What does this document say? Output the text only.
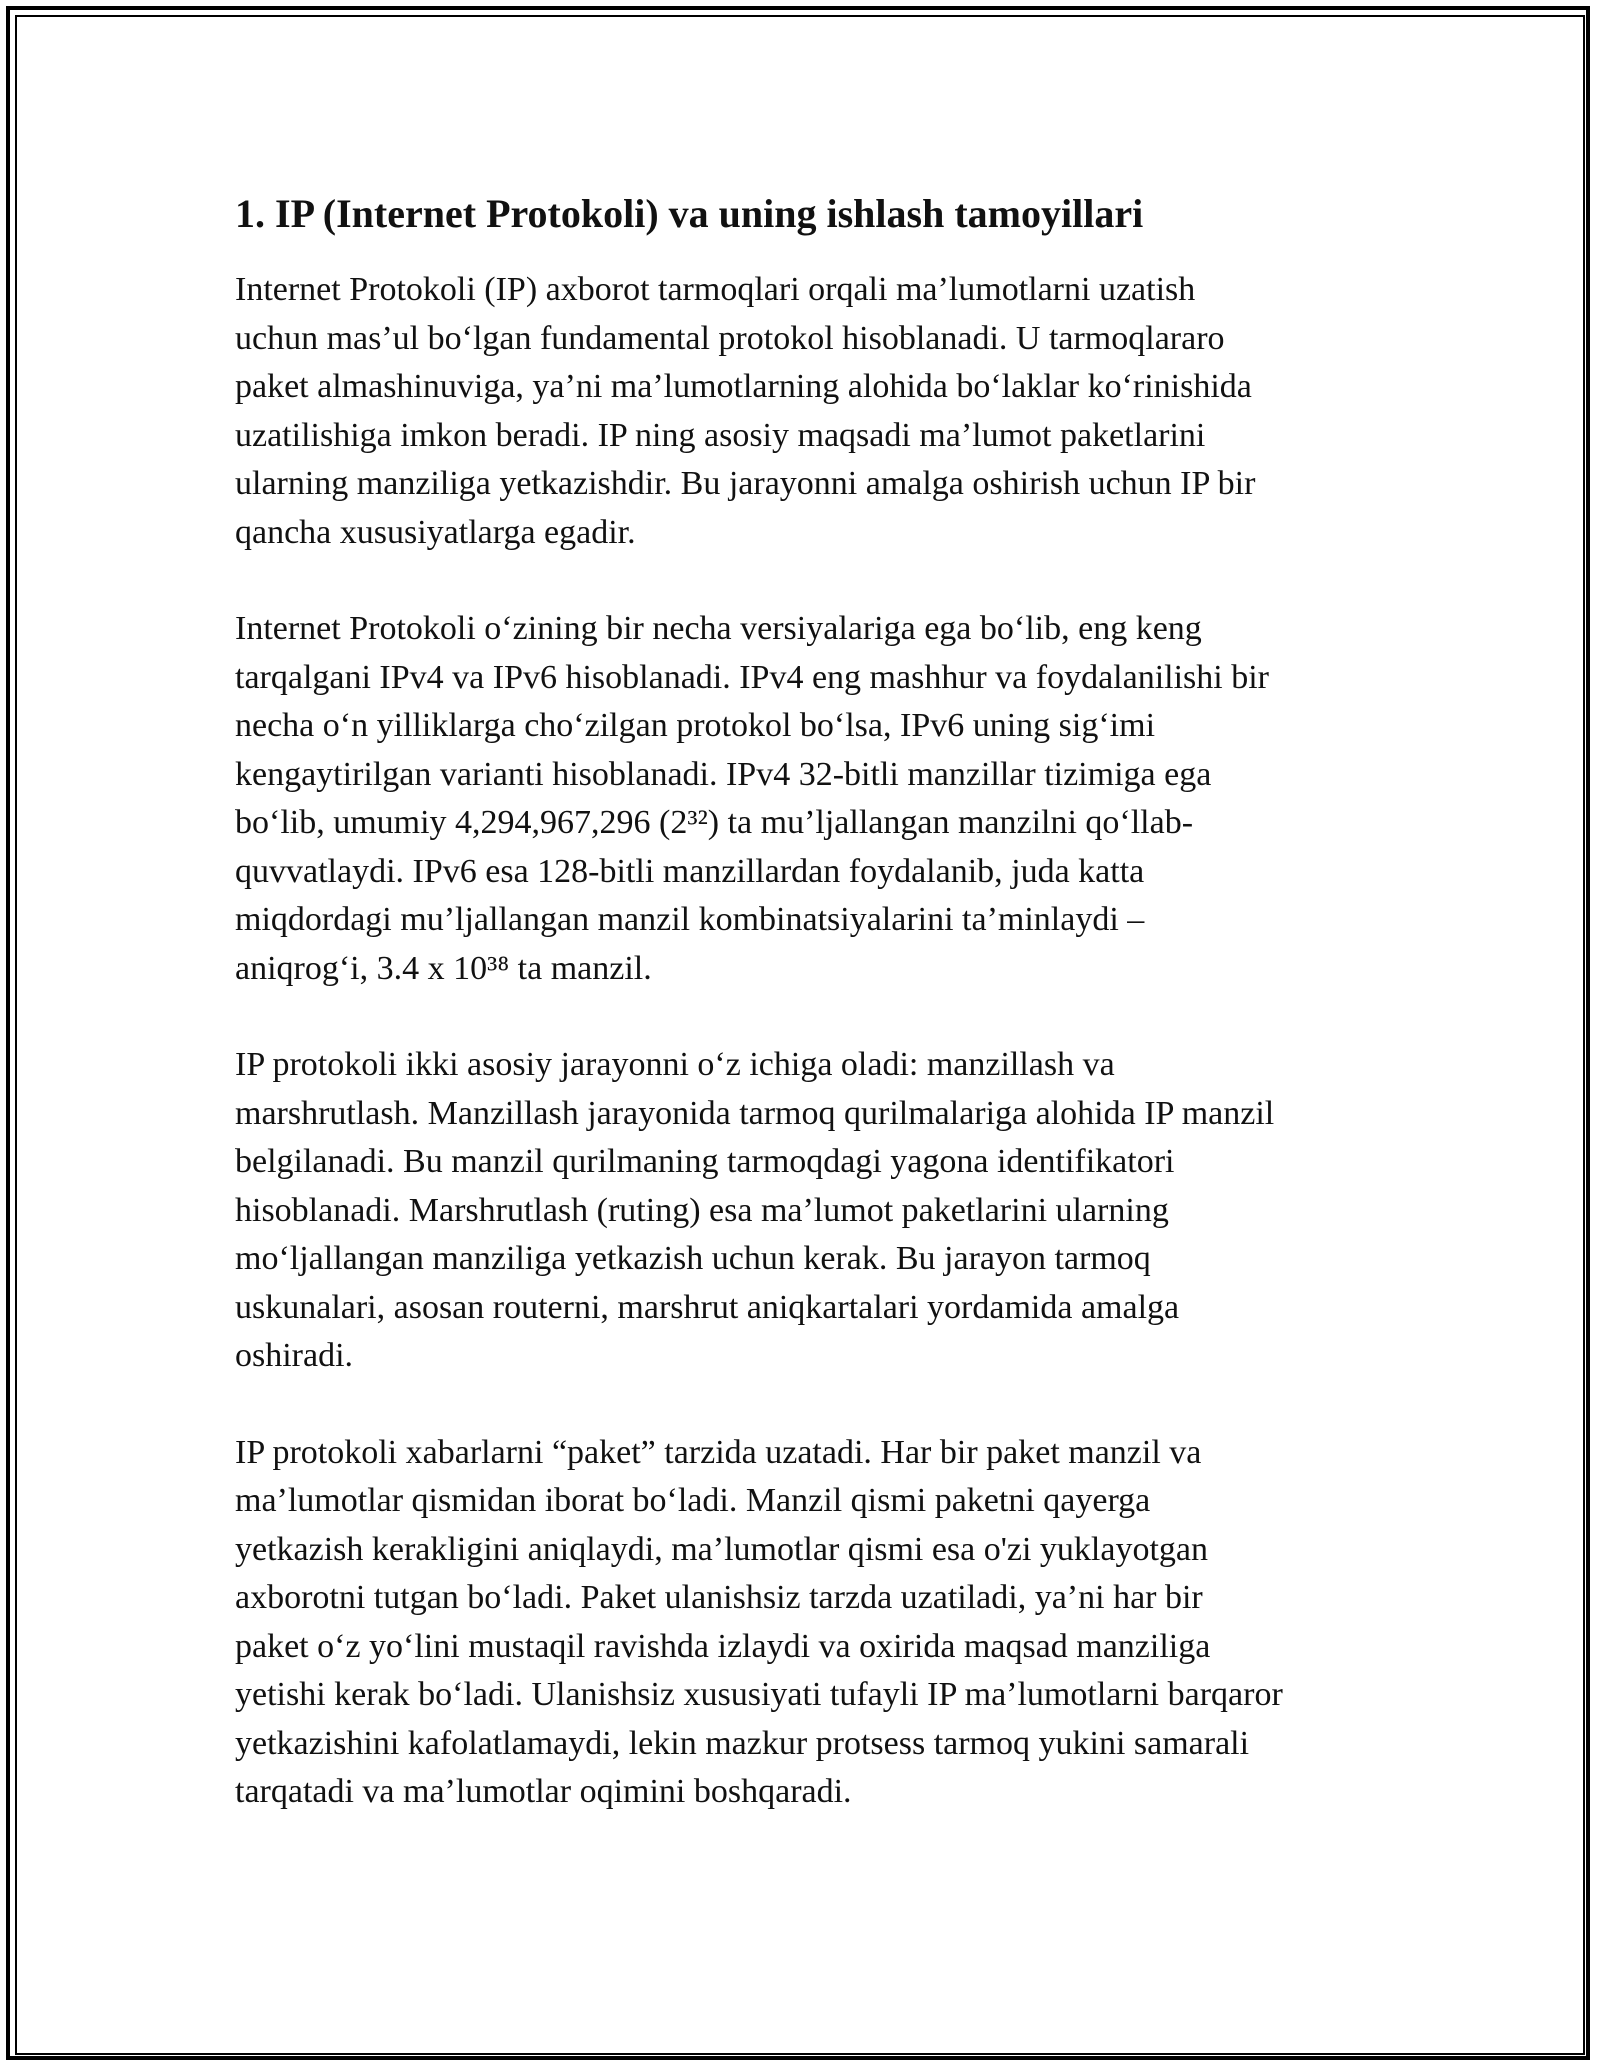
1. IP (Internet Protokoli) va uning ishlash tamoyillari

Internet Protokoli (IP) axborot tarmoqlari orqali ma’lumotlarni uzatish
uchun mas’ul bo‘lgan fundamental protokol hisoblanadi. U tarmoqlararo
paket almashinuviga, ya’ni ma’lumotlarning alohida bo‘laklar ko‘rinishida
uzatilishiga imkon beradi. IP ning asosiy maqsadi ma’lumot paketlarini
ularning manziliga yetkazishdir. Bu jarayonni amalga oshirish uchun IP bir
qancha xususiyatlarga egadir.

Internet Protokoli o‘zining bir necha versiyalariga ega bo‘lib, eng keng
tarqalgani IPv4 va IPv6 hisoblanadi. IPv4 eng mashhur va foydalanilishi bir
necha o‘n yilliklarga cho‘zilgan protokol bo‘lsa, IPv6 uning sig‘imi
kengaytirilgan varianti hisoblanadi. IPv4 32-bitli manzillar tizimiga ega
bo‘lib, umumiy 4,294,967,296 (2³²) ta mu’ljallangan manzilni qo‘llab-
quvvatlaydi. IPv6 esa 128-bitli manzillardan foydalanib, juda katta
miqdordagi mu’ljallangan manzil kombinatsiyalarini ta’minlaydi –
aniqrog‘i, 3.4 x 10³⁸ ta manzil.

IP protokoli ikki asosiy jarayonni o‘z ichiga oladi: manzillash va
marshrutlash. Manzillash jarayonida tarmoq qurilmalariga alohida IP manzil
belgilanadi. Bu manzil qurilmaning tarmoqdagi yagona identifikatori
hisoblanadi. Marshrutlash (ruting) esa ma’lumot paketlarini ularning
mo‘ljallangan manziliga yetkazish uchun kerak. Bu jarayon tarmoq
uskunalari, asosan routerni, marshrut aniqkartalari yordamida amalga
oshiradi.

IP protokoli xabarlarni “paket” tarzida uzatadi. Har bir paket manzil va
ma’lumotlar qismidan iborat bo‘ladi. Manzil qismi paketni qayerga
yetkazish kerakligini aniqlaydi, ma’lumotlar qismi esa o'zi yuklayotgan
axborotni tutgan bo‘ladi. Paket ulanishsiz tarzda uzatiladi, ya’ni har bir
paket o‘z yo‘lini mustaqil ravishda izlaydi va oxirida maqsad manziliga
yetishi kerak bo‘ladi. Ulanishsiz xususiyati tufayli IP ma’lumotlarni barqaror
yetkazishini kafolatlamaydi, lekin mazkur protsess tarmoq yukini samarali
tarqatadi va ma’lumotlar oqimini boshqaradi.
